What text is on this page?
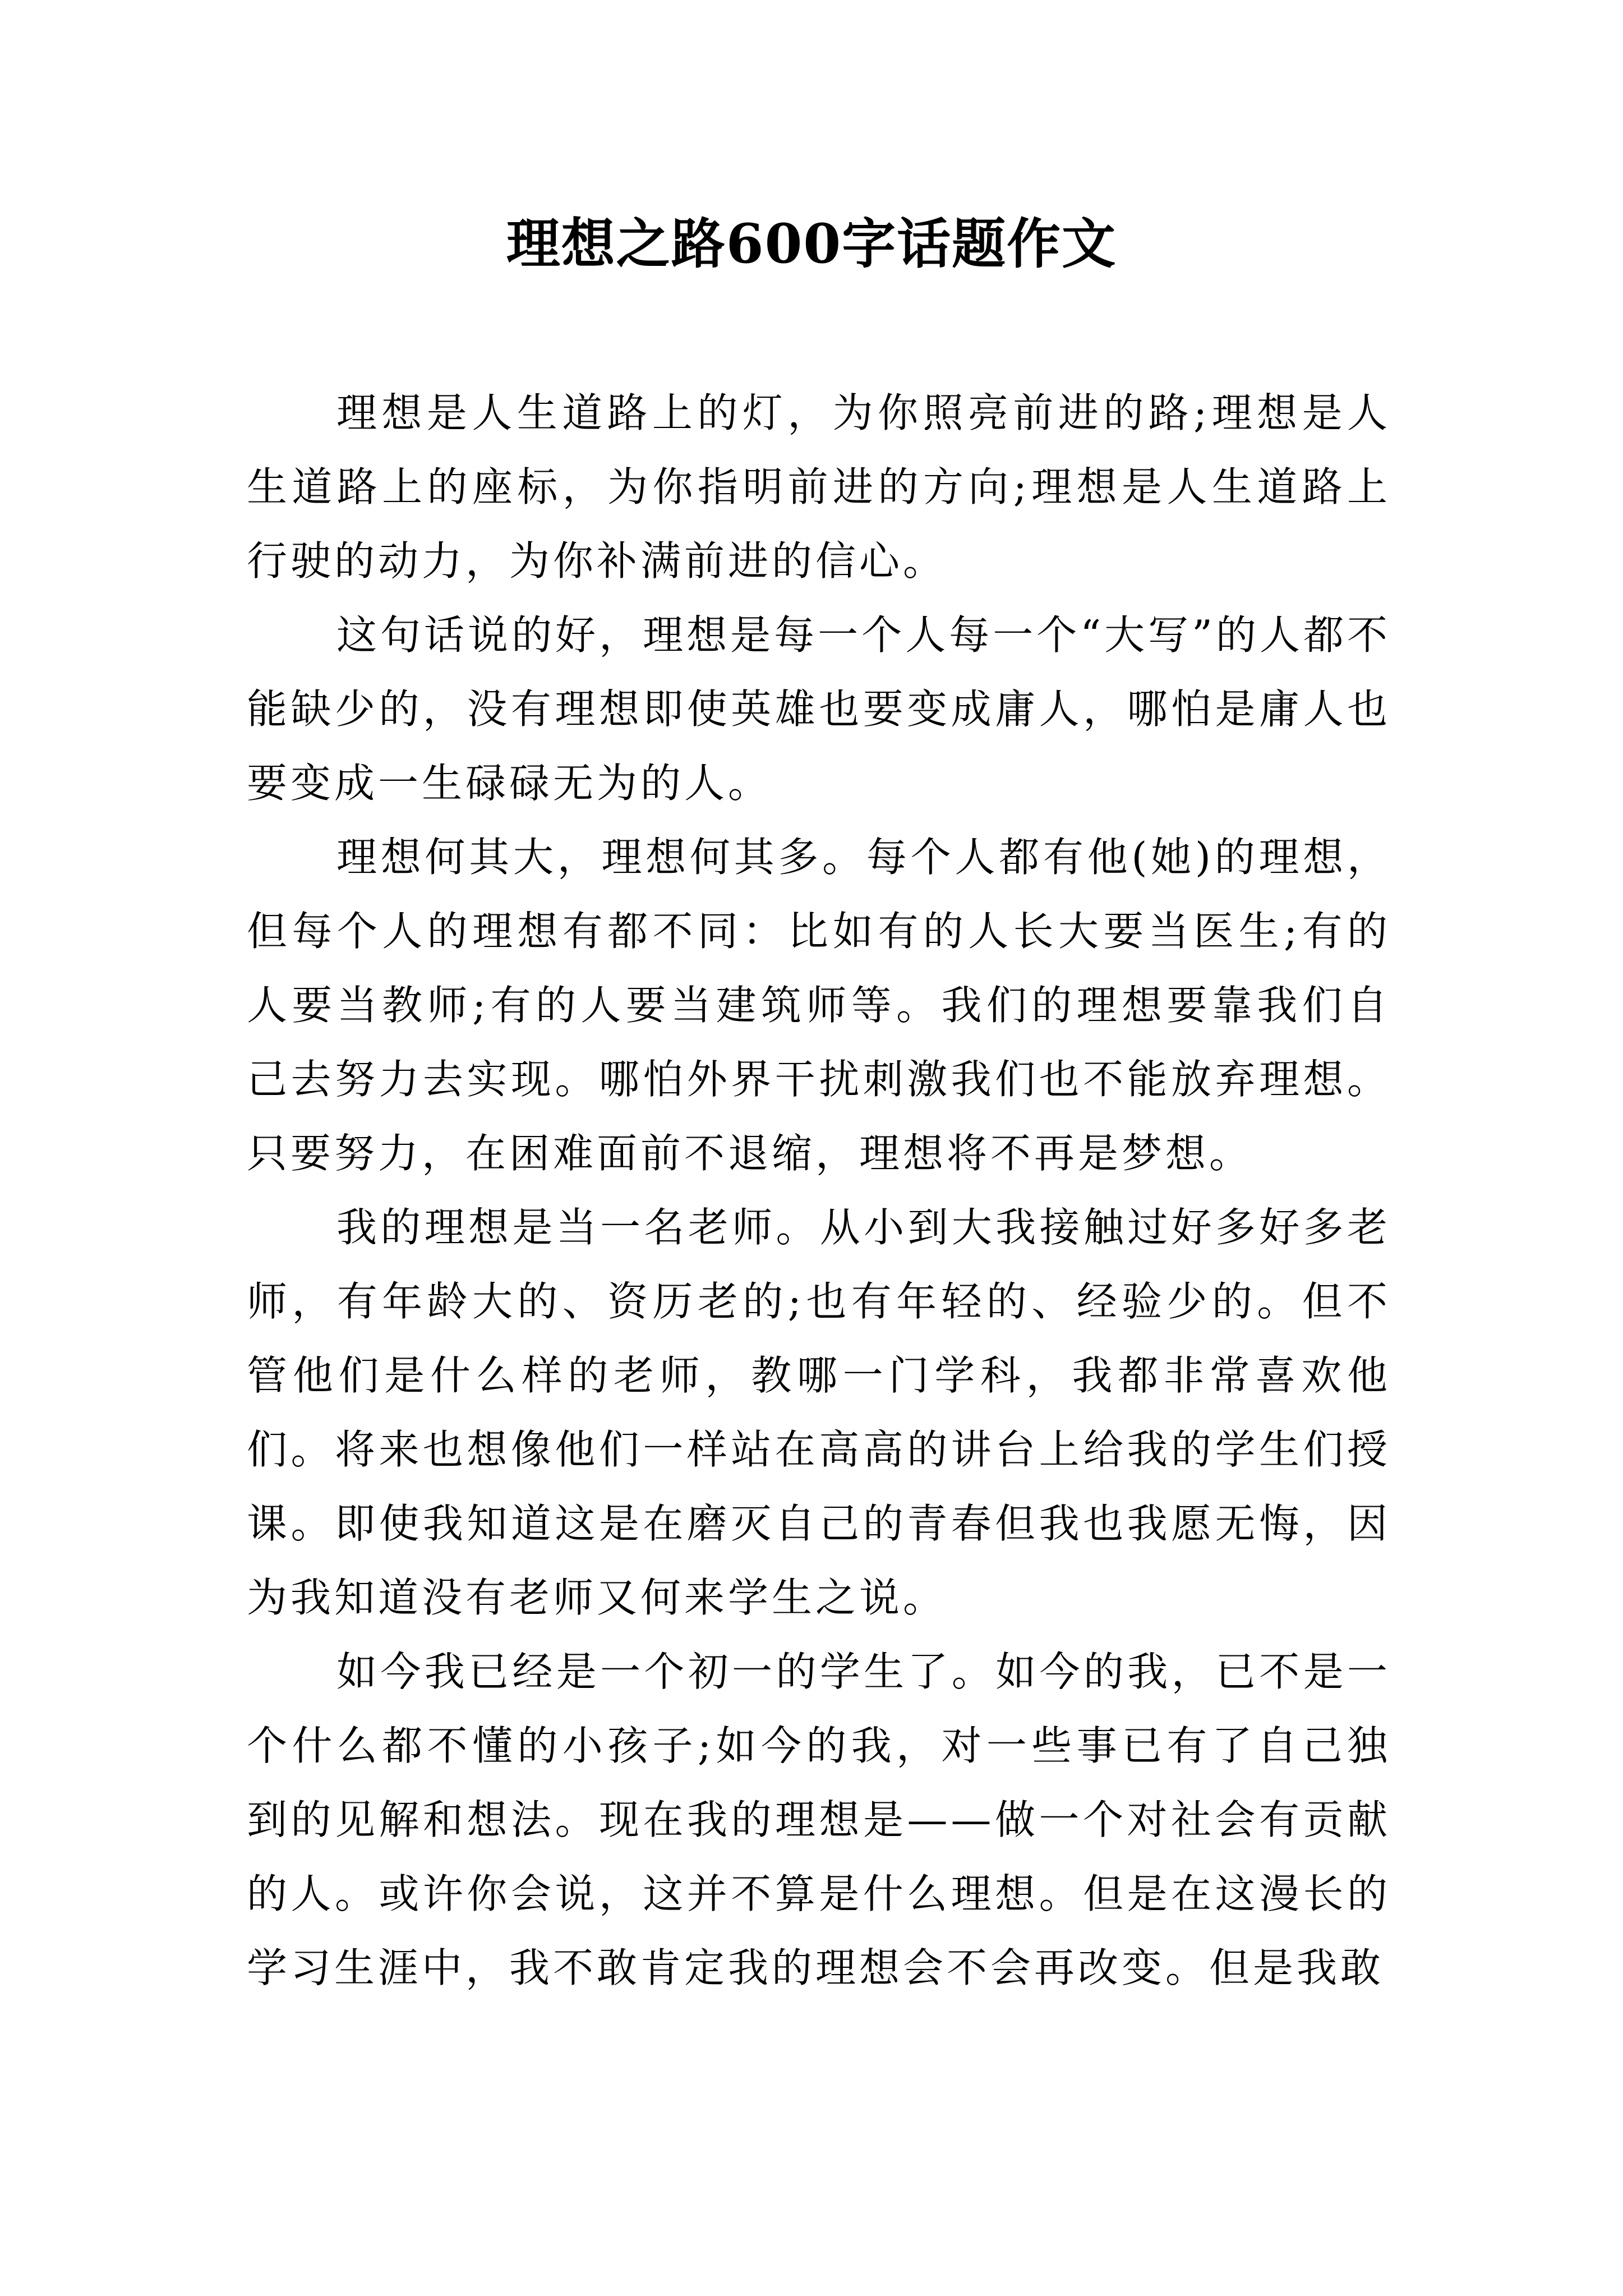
理想之路600字话题作文

理想是人生道路上的灯，为你照亮前进的路;理想是人生道路上的座标，为你指明前进的方向;理想是人生道路上行驶的动力，为你补满前进的信心。

这句话说的好，理想是每一个人每一个“大写”的人都不能缺少的，没有理想即使英雄也要变成庸人，哪怕是庸人也要变成一生碌碌无为的人。

理想何其大，理想何其多。每个人都有他(她)的理想，但每个人的理想有都不同：比如有的人长大要当医生;有的人要当教师;有的人要当建筑师等。我们的理想要靠我们自己去努力去实现。哪怕外界干扰刺激我们也不能放弃理想。只要努力，在困难面前不退缩，理想将不再是梦想。

我的理想是当一名老师。从小到大我接触过好多好多老师，有年龄大的、资历老的;也有年轻的、经验少的。但不管他们是什么样的老师，教哪一门学科，我都非常喜欢他们。将来也想像他们一样站在高高的讲台上给我的学生们授课。即使我知道这是在磨灭自己的青春但我也我愿无悔，因为我知道没有老师又何来学生之说。

如今我已经是一个初一的学生了。如今的我，已不是一个什么都不懂的小孩子;如今的我，对一些事已有了自己独到的见解和想法。现在我的理想是——做一个对社会有贡献的人。或许你会说，这并不算是什么理想。但是在这漫长的学习生涯中，我不敢肯定我的理想会不会再改变。但是我敢
